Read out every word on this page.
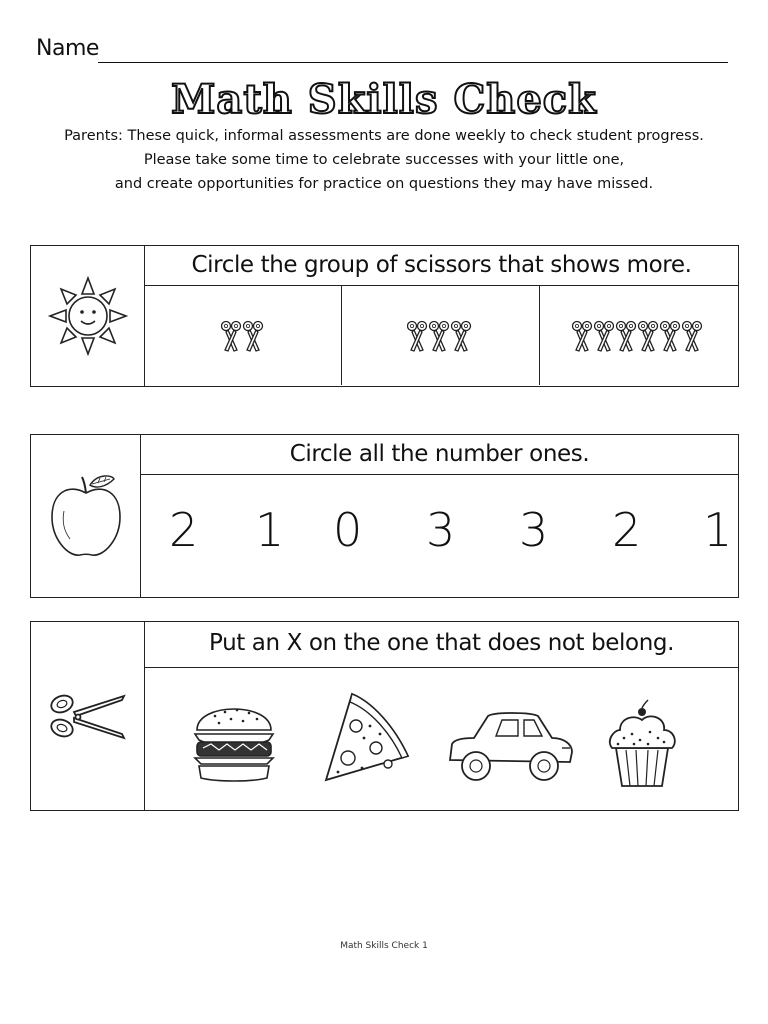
Name
Math Skills Check
Parents: These quick, informal assessments are done weekly to check student progress.
Please take some time to celebrate successes with your little one,
and create opportunities for practice on questions they may have missed.
Circle the group of scissors that shows more.
Circle all the number ones.
2 1 0 3 3 2 1
Put an X on the one that does not belong.
Math Skills Check 1
